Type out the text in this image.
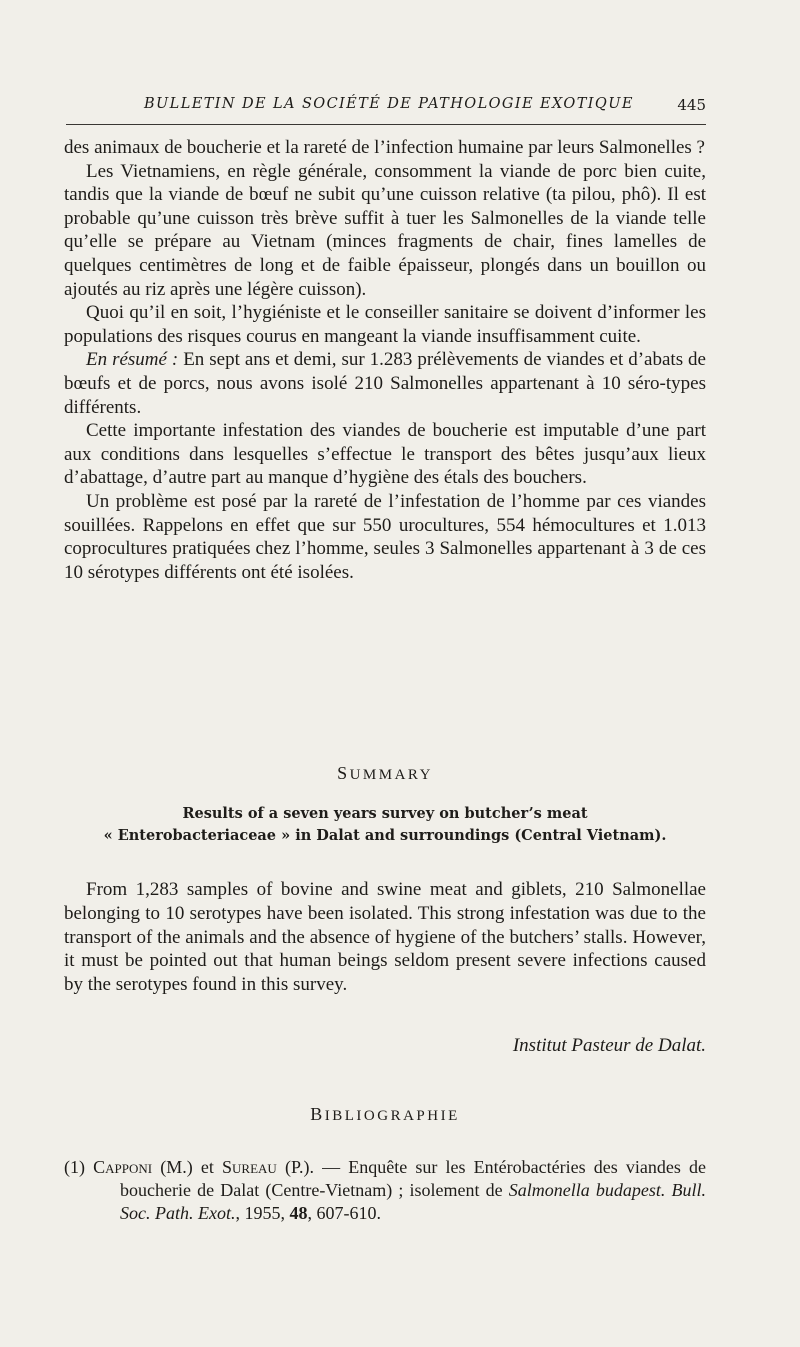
BULLETIN DE LA SOCIÉTÉ DE PATHOLOGIE EXOTIQUE	445

des animaux de boucherie et la rareté de l’infection humaine par leurs Salmonelles ?

Les Vietnamiens, en règle générale, consomment la viande de porc bien cuite, tandis que la viande de bœuf ne subit qu’une cuisson relative (ta pilou, phô). Il est probable qu’une cuisson très brève suffit à tuer les Salmonelles de la viande telle qu’elle se prépare au Vietnam (minces fragments de chair, fines lamelles de quelques centimètres de long et de faible épaisseur, plongés dans un bouillon ou ajoutés au riz après une légère cuisson).

Quoi qu’il en soit, l’hygiéniste et le conseiller sanitaire se doivent d’informer les populations des risques courus en mangeant la viande insuffisamment cuite.

En résumé : En sept ans et demi, sur 1.283 prélèvements de viandes et d’abats de bœufs et de porcs, nous avons isolé 210 Salmonelles appartenant à 10 séro-types différents.

Cette importante infestation des viandes de boucherie est imputable d’une part aux conditions dans lesquelles s’effectue le transport des bêtes jusqu’aux lieux d’abattage, d’autre part au manque d’hygiène des étals des bouchers.

Un problème est posé par la rareté de l’infestation de l’homme par ces viandes souillées. Rappelons en effet que sur 550 urocultures, 554 hémocultures et 1.013 coprocultures pratiquées chez l’homme, seules 3 Salmonelles appartenant à 3 de ces 10 sérotypes différents ont été isolées.

SUMMARY
Results of a seven years survey on butcher’s meat
« Enterobacteriaceae » in Dalat and surroundings (Central Vietnam).

From 1,283 samples of bovine and swine meat and giblets, 210 Salmonellae belonging to 10 serotypes have been isolated. This strong infestation was due to the transport of the animals and the absence of hygiene of the butchers’ stalls. However, it must be pointed out that human beings seldom present severe infections caused by the serotypes found in this survey.

Institut Pasteur de Dalat.
BIBLIOGRAPHIE
(1) Capponi (M.) et Sureau (P.). — Enquête sur les Entérobactéries des viandes de boucherie de Dalat (Centre-Vietnam) ; isolement de Salmonella budapest. Bull. Soc. Path. Exot., 1955, 48, 607-610.
